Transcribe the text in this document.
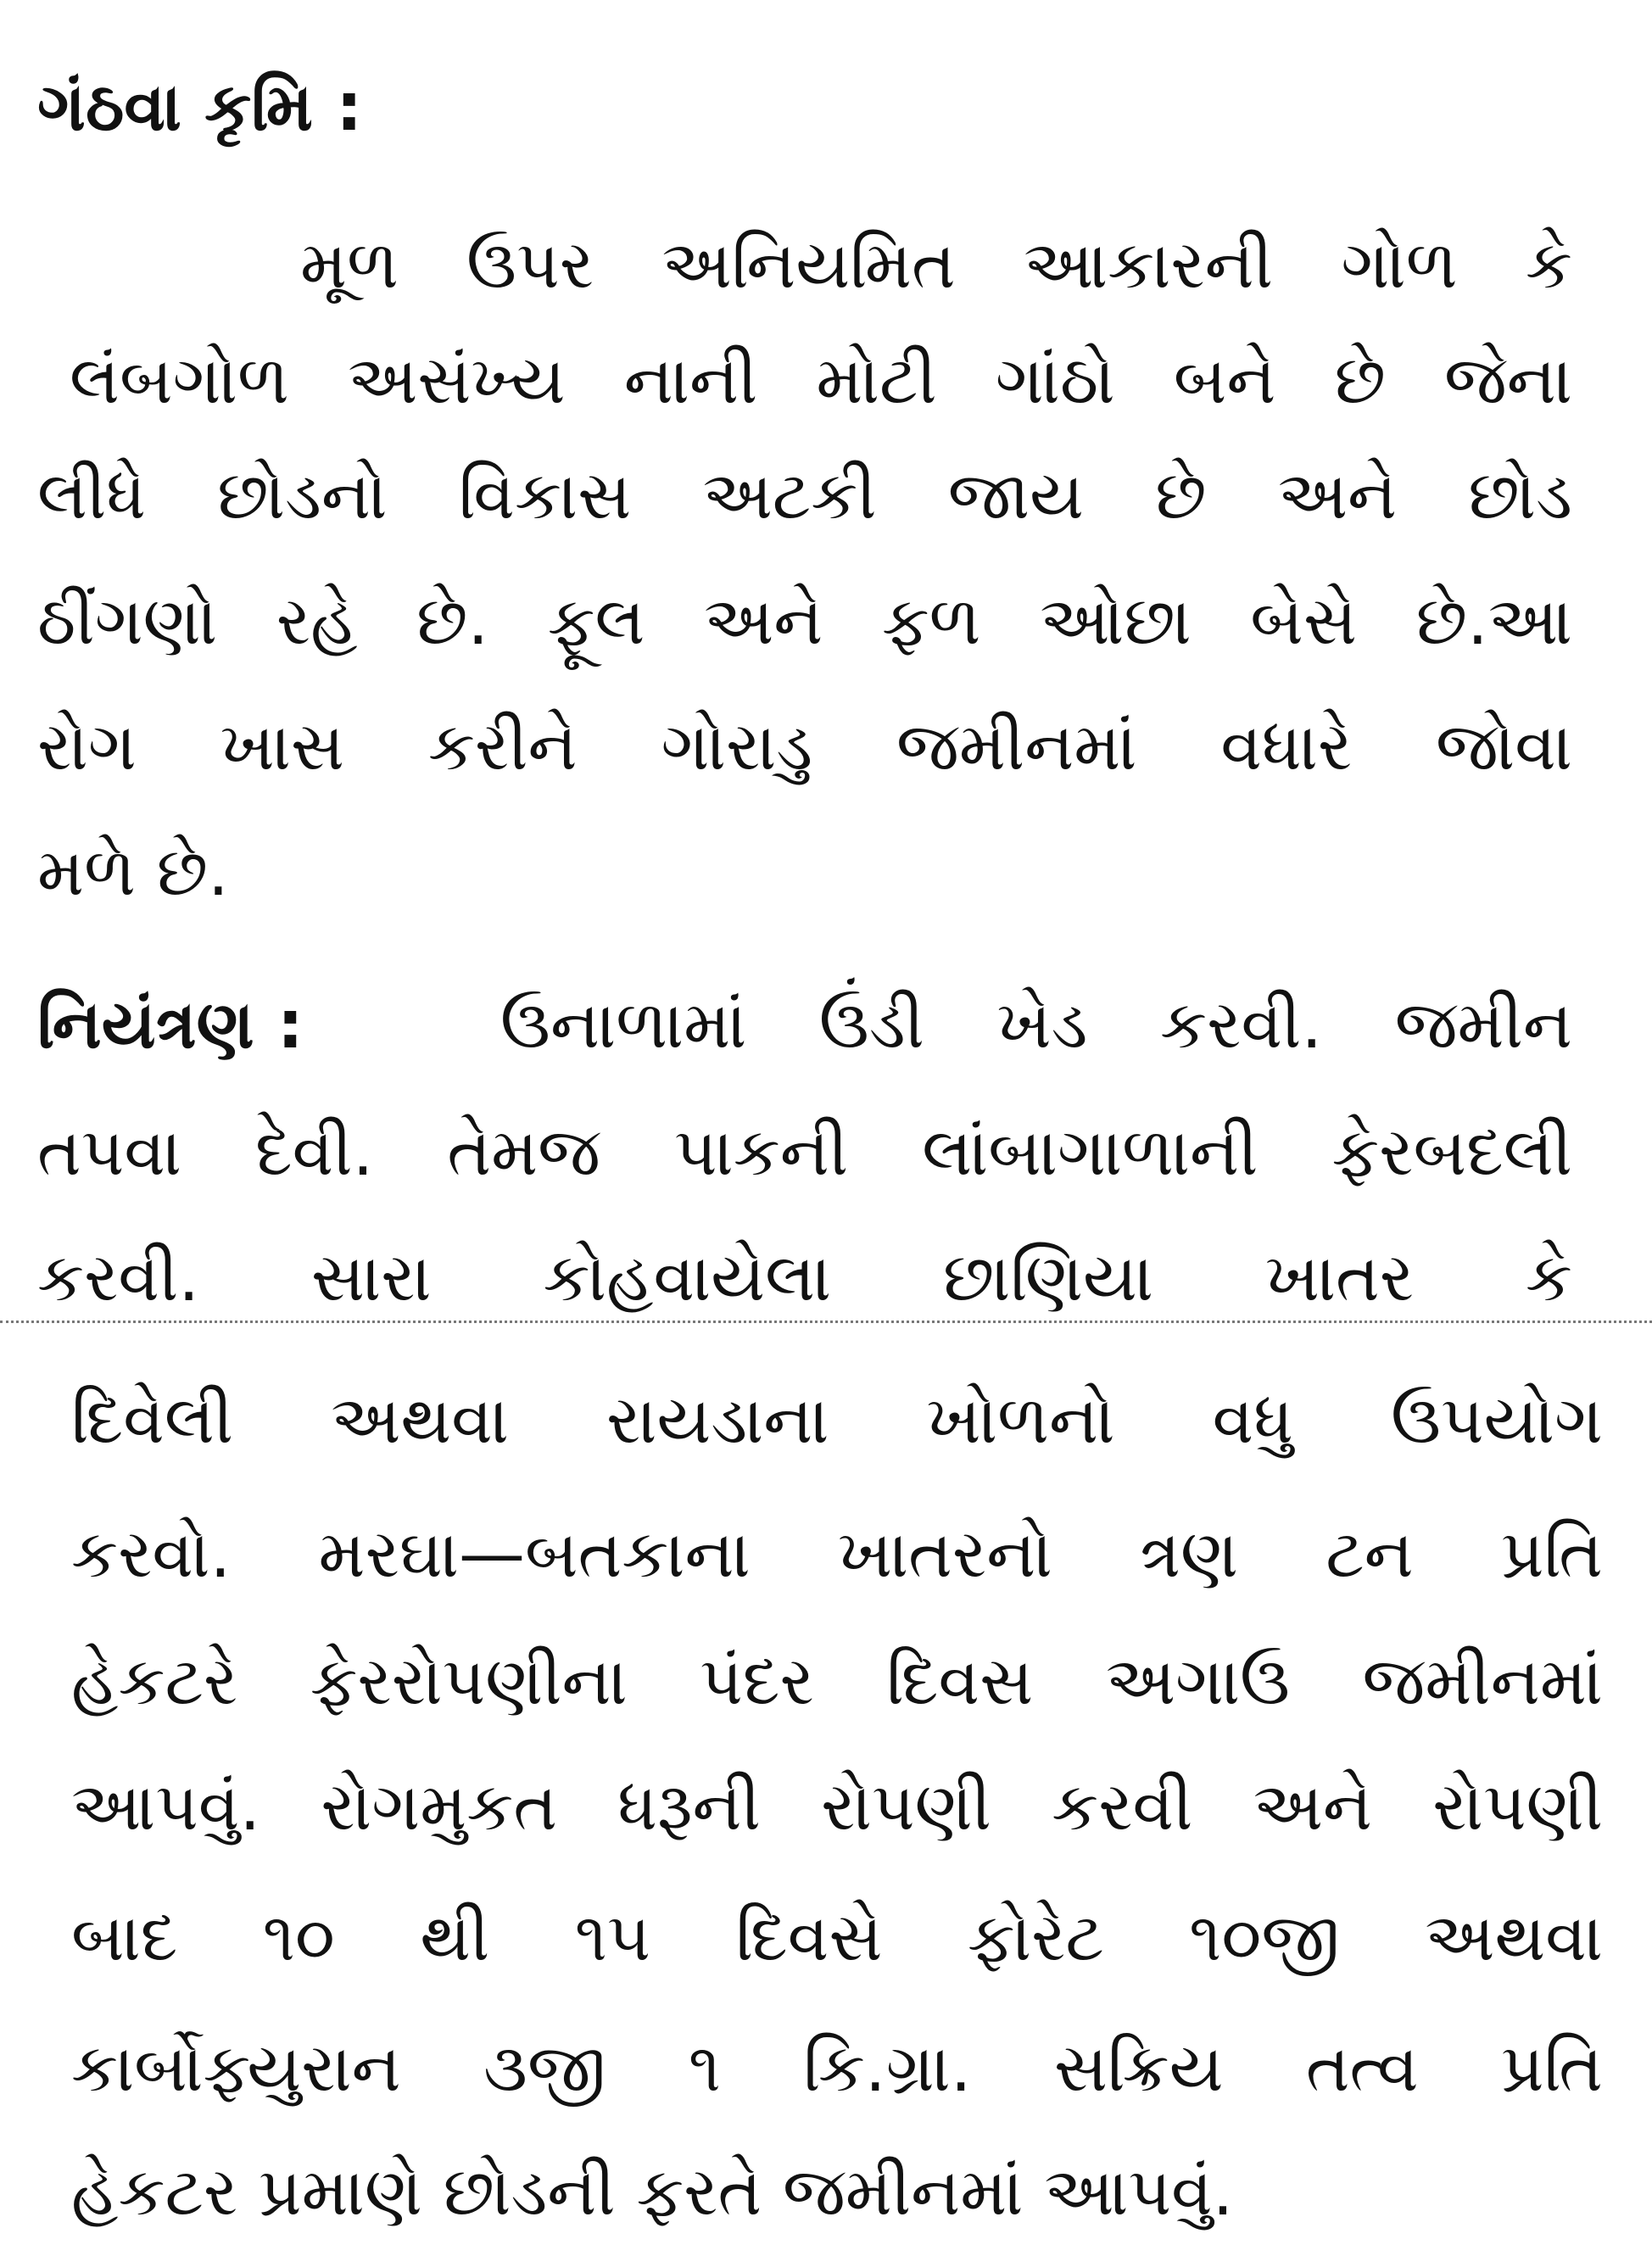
ગંઠવા કૃમિ :
મૂળ ઉપર અનિયમિત આકારની ગોળ કે
લંબગોળ અસંખ્ય નાની મોટી ગાંઠો બને છે જેના
લીધે છોડનો વિકાસ અટકી જાય છે અને છોડ
ઠીંગણો રહે છે. ફૂલ અને ફળ ઓછા બેસે છે.આ
રોગ ખાસ કરીને ગોરાડુ જમીનમાં વધારે જોવા
મળે છે.
નિયંત્રણ :	ઉનાળામાં ઉંડી ખેડ કરવી. જમીન
તપવા દેવી. તેમજ પાકની લાંબાગાળાની ફેરબદલી
કરવી. સારા કોહવાયેલા છાણિયા ખાતર કે
દિવેલી અથવા રાયડાના ખોળનો વધુ ઉપયોગ
કરવો. મરઘા—બતકાના ખાતરનો ત્રણ ટન પ્રતિ
હેકટરે ફેરરોપણીના પંદર દિવસ અગાઉ જમીનમાં
આપવું. રોગમુકત ધરૂની રોપણી કરવી અને રોપણી
બાદ ૧૦ થી ૧૫ દિવસે ફોરેટ ૧૦જી અથવા
કાર્બોફ્યુરાન ૩જી ૧ કિ.ગ્રા. સક્રિય તત્વ પ્રતિ
હેકટર પ્રમાણે છોડની ફરતે જમીનમાં આપવું.
